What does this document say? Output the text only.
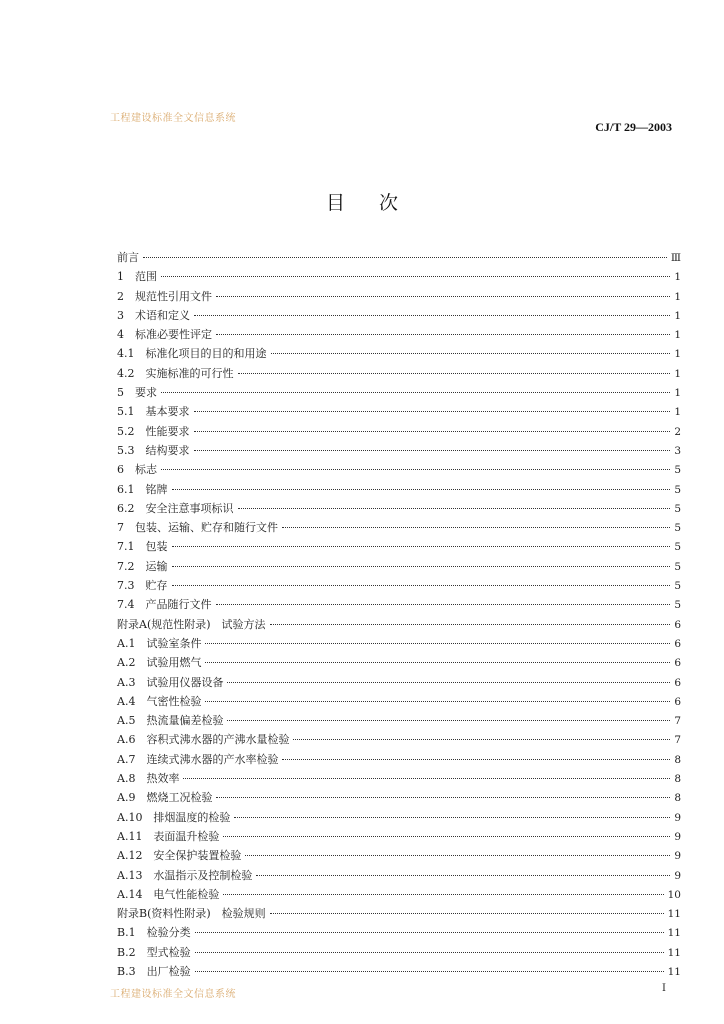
工程建设标准全文信息系统
CJ/T 29—2003
目次
前言	Ⅲ
1　范围	1
2　规范性引用文件	1
3　术语和定义	1
4　标准必要性评定	1
4.1　标准化项目的目的和用途	1
4.2　实施标准的可行性	1
5　要求	1
5.1　基本要求	1
5.2　性能要求	2
5.3　结构要求	3
6　标志	5
6.1　铭牌	5
6.2　安全注意事项标识	5
7　包装、运输、贮存和随行文件	5
7.1　包装	5
7.2　运输	5
7.3　贮存	5
7.4　产品随行文件	5
附录A(规范性附录)　试验方法	6
A.1　试验室条件	6
A.2　试验用燃气	6
A.3　试验用仪器设备	6
A.4　气密性检验	6
A.5　热流量偏差检验	7
A.6　容积式沸水器的产沸水量检验	7
A.7　连续式沸水器的产水率检验	8
A.8　热效率	8
A.9　燃烧工况检验	8
A.10　排烟温度的检验	9
A.11　表面温升检验	9
A.12　安全保护装置检验	9
A.13　水温指示及控制检验	9
A.14　电气性能检验	10
附录B(资料性附录)　检验规则	11
B.1　检验分类	11
B.2　型式检验	11
B.3　出厂检验	11
工程建设标准全文信息系统
I
